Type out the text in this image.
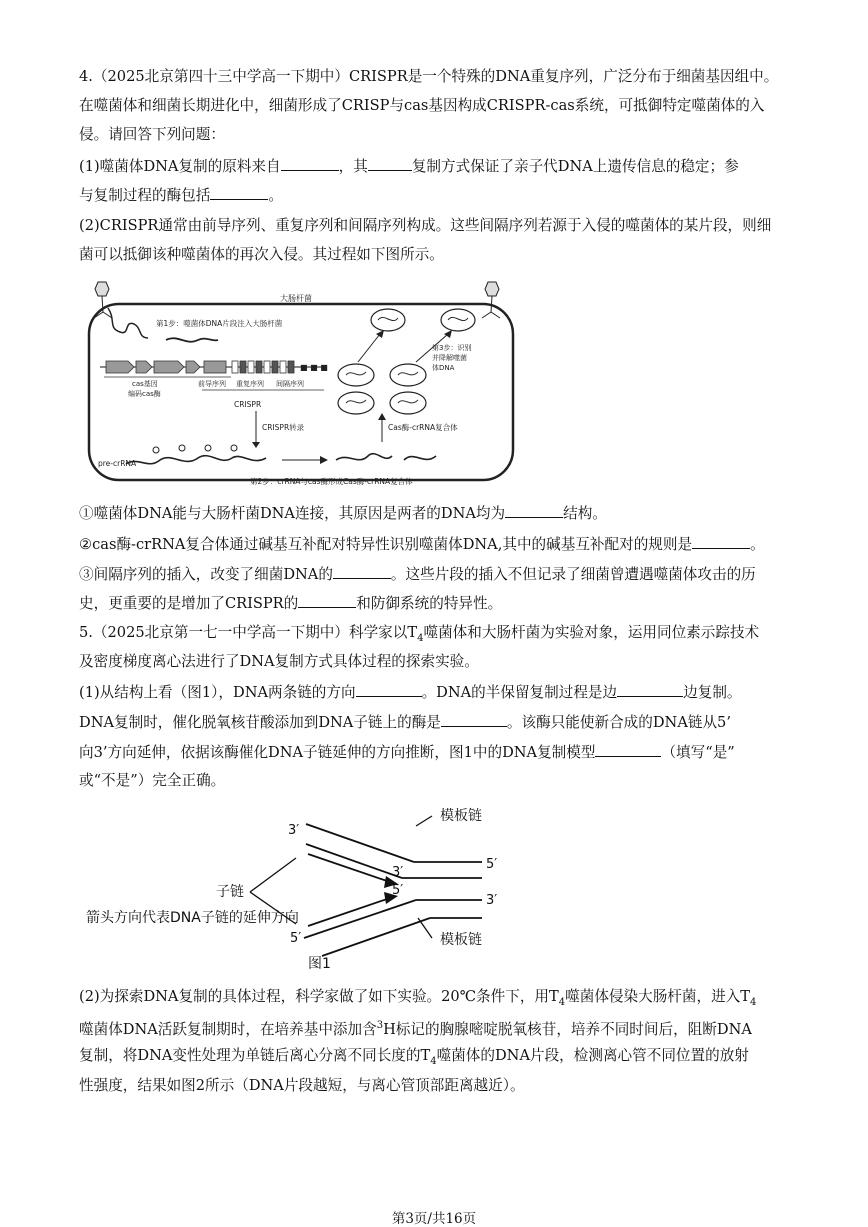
4.（2025北京第四十三中学高一下期中）CRISPR是一个特殊的DNA重复序列，广泛分布于细菌基因组中。
在噬菌体和细菌长期进化中，细菌形成了CRISP与cas基因构成CRISPR-cas系统，可抵御特定噬菌体的入
侵。请回答下列问题：
(1)噬菌体DNA复制的原料来自	，其	复制方式保证了亲子代DNA上遗传信息的稳定；参
与复制过程的酶包括	。
(2)CRISPR通常由前导序列、重复序列和间隔序列构成。这些间隔序列若源于入侵的噬菌体的某片段，则细
菌可以抵御该种噬菌体的再次入侵。其过程如下图所示。
大肠杆菌
第1步：噬菌体DNA片段注入大肠杆菌
■ ■ ■
cas基因
编码cas酶
前导序列 重复序列 间隔序列
CRISPR
CRISPR转录
pre-crRNA
第2步：crRNA与cas酶形成Cas酶-crRNA复合体
Cas酶-crRNA复合体
第3步：识别
并降解噬菌
体DNA
①噬菌体DNA能与大肠杆菌DNA连接，其原因是两者的DNA均为	结构。
②cas酶-crRNA复合体通过碱基互补配对特异性识别噬菌体DNA,其中的碱基互补配对的规则是	。
③间隔序列的插入，改变了细菌DNA的	。这些片段的插入不但记录了细菌曾遭遇噬菌体攻击的历
史，更重要的是增加了CRISPR的	和防御系统的特异性。
5.（2025北京第一七一中学高一下期中）科学家以$T_4$噬菌体和大肠杆菌为实验对象，运用同位素示踪技术
及密度梯度离心法进行了DNA复制方式具体过程的探索实验。
(1)从结构上看（图1），DNA两条链的方向	。DNA的半保留复制过程是边	边复制。
DNA复制时，催化脱氧核苷酸添加到DNA子链上的酶是	。该酶只能使新合成的DNA链从5’
向3’方向延伸，依据该酶催化DNA子链延伸的方向推断，图1中的DNA复制模型	（填写“是”
或“不是”）完全正确。
模板链
模板链
子链
箭头方向代表DNA子链的延伸方向
3′
3′
5′
5′
3′
5′
图1
(2)为探索DNA复制的具体过程，科学家做了如下实验。20℃条件下，用$T_4$噬菌体侵染大肠杆菌，进入$T_4$
噬菌体DNA活跃复制期时，在培养基中添加含$^3$H标记的胸腺嘧啶脱氧核苷，培养不同时间后，阻断DNA
复制，将DNA变性处理为单链后离心分离不同长度的$T_4$噬菌体的DNA片段，检测离心管不同位置的放射
性强度，结果如图2所示（DNA片段越短，与离心管顶部距离越近）。
第3页/共16页
